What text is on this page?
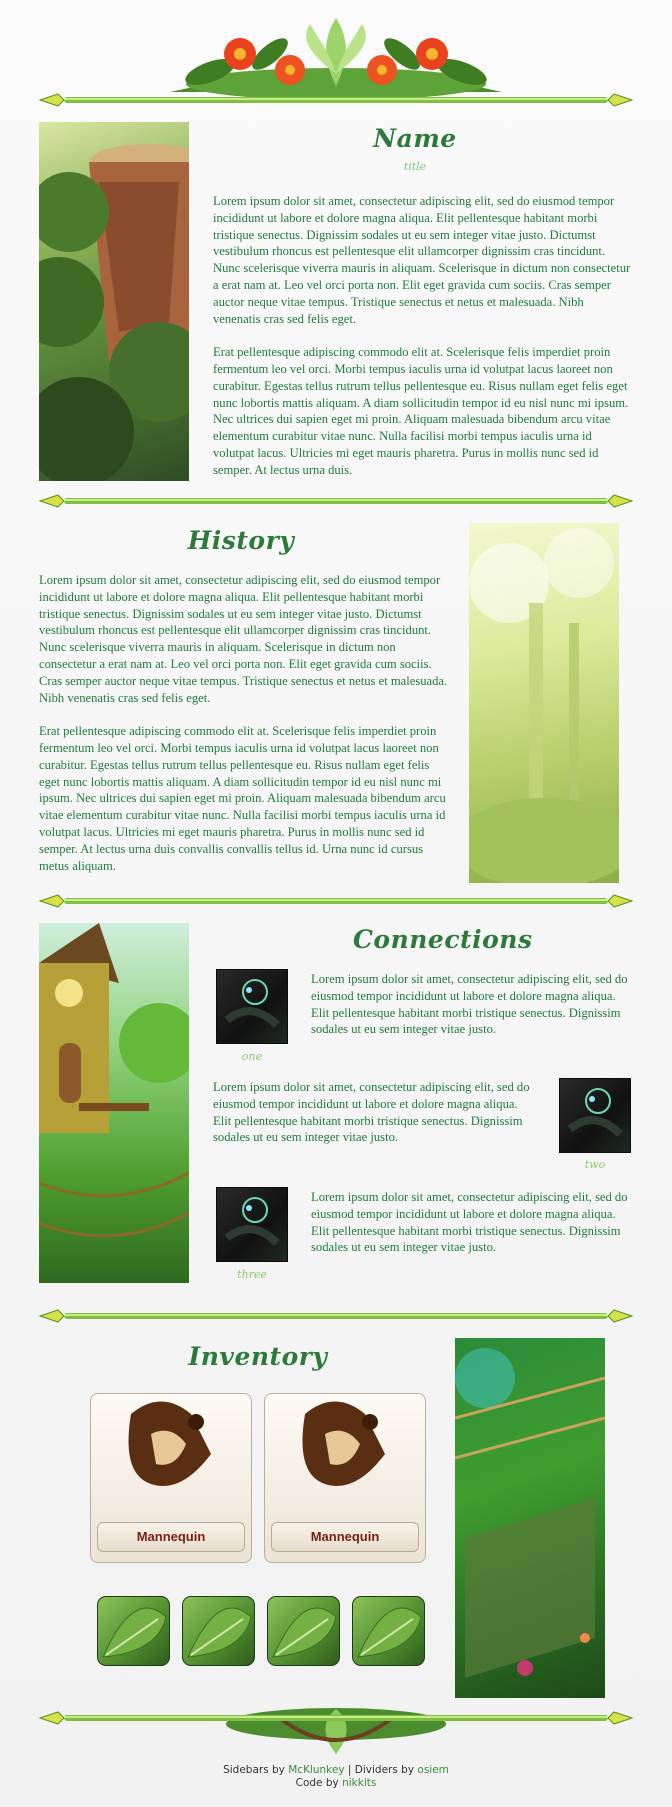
Name
title

Lorem ipsum dolor sit amet, consectetur adipiscing elit, sed do eiusmod tempor incididunt ut labore et dolore magna aliqua. Elit pellentesque habitant morbi tristique senectus. Dignissim sodales ut eu sem integer vitae justo. Dictumst vestibulum rhoncus est pellentesque elit ullamcorper dignissim cras tincidunt. Nunc scelerisque viverra mauris in aliquam. Scelerisque in dictum non consectetur a erat nam at. Leo vel orci porta non. Elit eget gravida cum sociis. Cras semper auctor neque vitae tempus. Tristique senectus et netus et malesuada. Nibh venenatis cras sed felis eget.

Erat pellentesque adipiscing commodo elit at. Scelerisque felis imperdiet proin fermentum leo vel orci. Morbi tempus iaculis urna id volutpat lacus laoreet non curabitur. Egestas tellus rutrum tellus pellentesque eu. Risus nullam eget felis eget nunc lobortis mattis aliquam. A diam sollicitudin tempor id eu nisl nunc mi ipsum. Nec ultrices dui sapien eget mi proin. Aliquam malesuada bibendum arcu vitae elementum curabitur vitae nunc. Nulla facilisi morbi tempus iaculis urna id volutpat lacus. Ultricies mi eget mauris pharetra. Purus in mollis nunc sed id semper. At lectus urna duis.

History

Lorem ipsum dolor sit amet, consectetur adipiscing elit, sed do eiusmod tempor incididunt ut labore et dolore magna aliqua. Elit pellentesque habitant morbi tristique senectus. Dignissim sodales ut eu sem integer vitae justo. Dictumst vestibulum rhoncus est pellentesque elit ullamcorper dignissim cras tincidunt. Nunc scelerisque viverra mauris in aliquam. Scelerisque in dictum non consectetur a erat nam at. Leo vel orci porta non. Elit eget gravida cum sociis. Cras semper auctor neque vitae tempus. Tristique senectus et netus et malesuada. Nibh venenatis cras sed felis eget.

Erat pellentesque adipiscing commodo elit at. Scelerisque felis imperdiet proin fermentum leo vel orci. Morbi tempus iaculis urna id volutpat lacus laoreet non curabitur. Egestas tellus rutrum tellus pellentesque eu. Risus nullam eget felis eget nunc lobortis mattis aliquam. A diam sollicitudin tempor id eu nisl nunc mi ipsum. Nec ultrices dui sapien eget mi proin. Aliquam malesuada bibendum arcu vitae elementum curabitur vitae nunc. Nulla facilisi morbi tempus iaculis urna id volutpat lacus. Ultricies mi eget mauris pharetra. Purus in mollis nunc sed id semper. At lectus urna duis convallis convallis tellus id. Urna nunc id cursus metus aliquam.

Connections
one
Lorem ipsum dolor sit amet, consectetur adipiscing elit, sed do eiusmod tempor incididunt ut labore et dolore magna aliqua. Elit pellentesque habitant morbi tristique senectus. Dignissim sodales ut eu sem integer vitae justo.
Lorem ipsum dolor sit amet, consectetur adipiscing elit, sed do eiusmod tempor incididunt ut labore et dolore magna aliqua. Elit pellentesque habitant morbi tristique senectus. Dignissim sodales ut eu sem integer vitae justo.
two
three
Lorem ipsum dolor sit amet, consectetur adipiscing elit, sed do eiusmod tempor incididunt ut labore et dolore magna aliqua. Elit pellentesque habitant morbi tristique senectus. Dignissim sodales ut eu sem integer vitae justo.
Inventory
Mannequin	Mannequin
Sidebars by McKlunkey | Dividers by osiem
Code by nikkits
